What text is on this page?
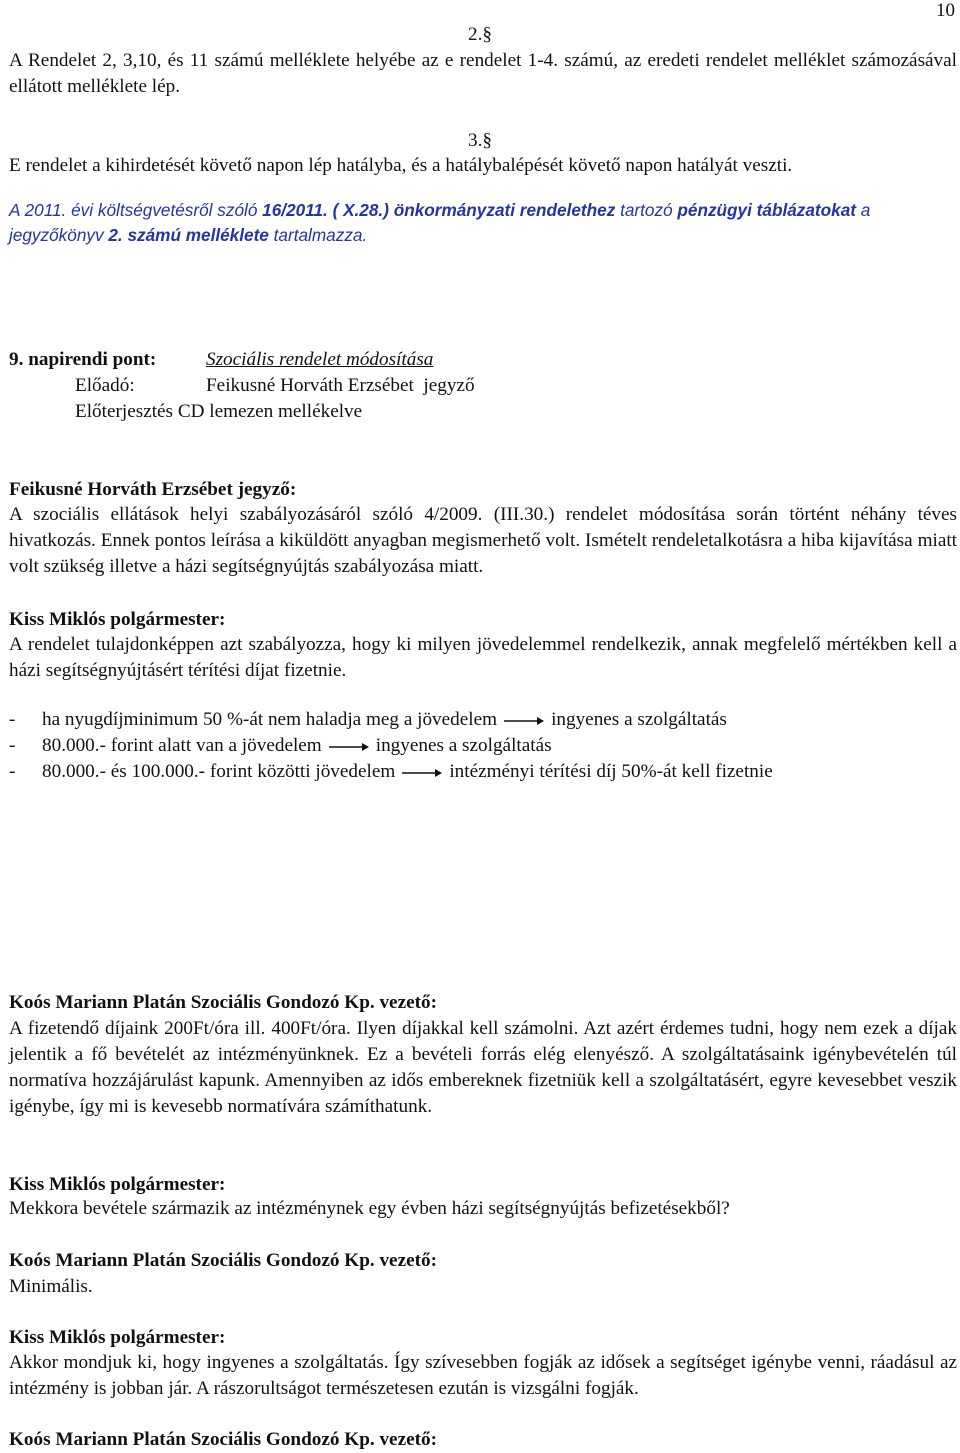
10
2.§
A Rendelet 2, 3,10, és 11 számú melléklete helyébe az e rendelet 1-4. számú, az eredeti rendelet melléklet számozásával ellátott melléklete lép.
3.§
E rendelet a kihirdetését követő napon lép hatályba, és a hatálybalépését követő napon hatályát veszti.
A 2011. évi költségvetésről szóló 16/2011. ( X.28.) önkormányzati rendelethez tartozó pénzügyi táblázatokat a jegyzőkönyv 2. számú melléklete tartalmazza.
9. napirendi pont:	Szociális rendelet módosítása
Előadó:	Feikusné Horváth Erzsébet  jegyző
Előterjesztés CD lemezen mellékelve
Feikusné Horváth Erzsébet jegyző:
A szociális ellátások helyi szabályozásáról szóló 4/2009. (III.30.) rendelet módosítása során történt néhány téves hivatkozás. Ennek pontos leírása a kiküldött anyagban megismerhető volt. Ismételt rendeletalkotásra a hiba kijavítása miatt volt szükség illetve a házi segítségnyújtás szabályozása miatt.
Kiss Miklós polgármester:
A rendelet tulajdonképpen azt szabályozza, hogy ki milyen jövedelemmel rendelkezik, annak megfelelő mértékben kell a házi segítségnyújtásért térítési díjat fizetnie.
- ha nyugdíjminimum 50 %-át nem haladja meg a jövedelem	ingyenes a szolgáltatás
- 80.000.- forint alatt van a jövedelem	ingyenes a szolgáltatás
- 80.000.- és 100.000.- forint közötti jövedelem	intézményi térítési díj 50%-át kell fizetnie
Koós Mariann Platán Szociális Gondozó Kp. vezető:
A fizetendő díjaink 200Ft/óra ill. 400Ft/óra. Ilyen díjakkal kell számolni. Azt azért érdemes tudni, hogy nem ezek a díjak jelentik a fő bevételét az intézményünknek. Ez a bevételi forrás elég elenyésző. A szolgáltatásaink igénybevételén túl normatíva hozzájárulást kapunk. Amennyiben az idős embereknek fizetniük kell a szolgáltatásért, egyre kevesebbet veszik igénybe, így mi is kevesebb normatívára számíthatunk.
Kiss Miklós polgármester:
Mekkora bevétele származik az intézménynek egy évben házi segítségnyújtás befizetésekből?
Koós Mariann Platán Szociális Gondozó Kp. vezető:
Minimális.
Kiss Miklós polgármester:
Akkor mondjuk ki, hogy ingyenes a szolgáltatás. Így szívesebben fogják az idősek a segítséget igénybe venni, ráadásul az intézmény is jobban jár. A rászorultságot természetesen ezután is vizsgálni fogják.
Koós Mariann Platán Szociális Gondozó Kp. vezető:
